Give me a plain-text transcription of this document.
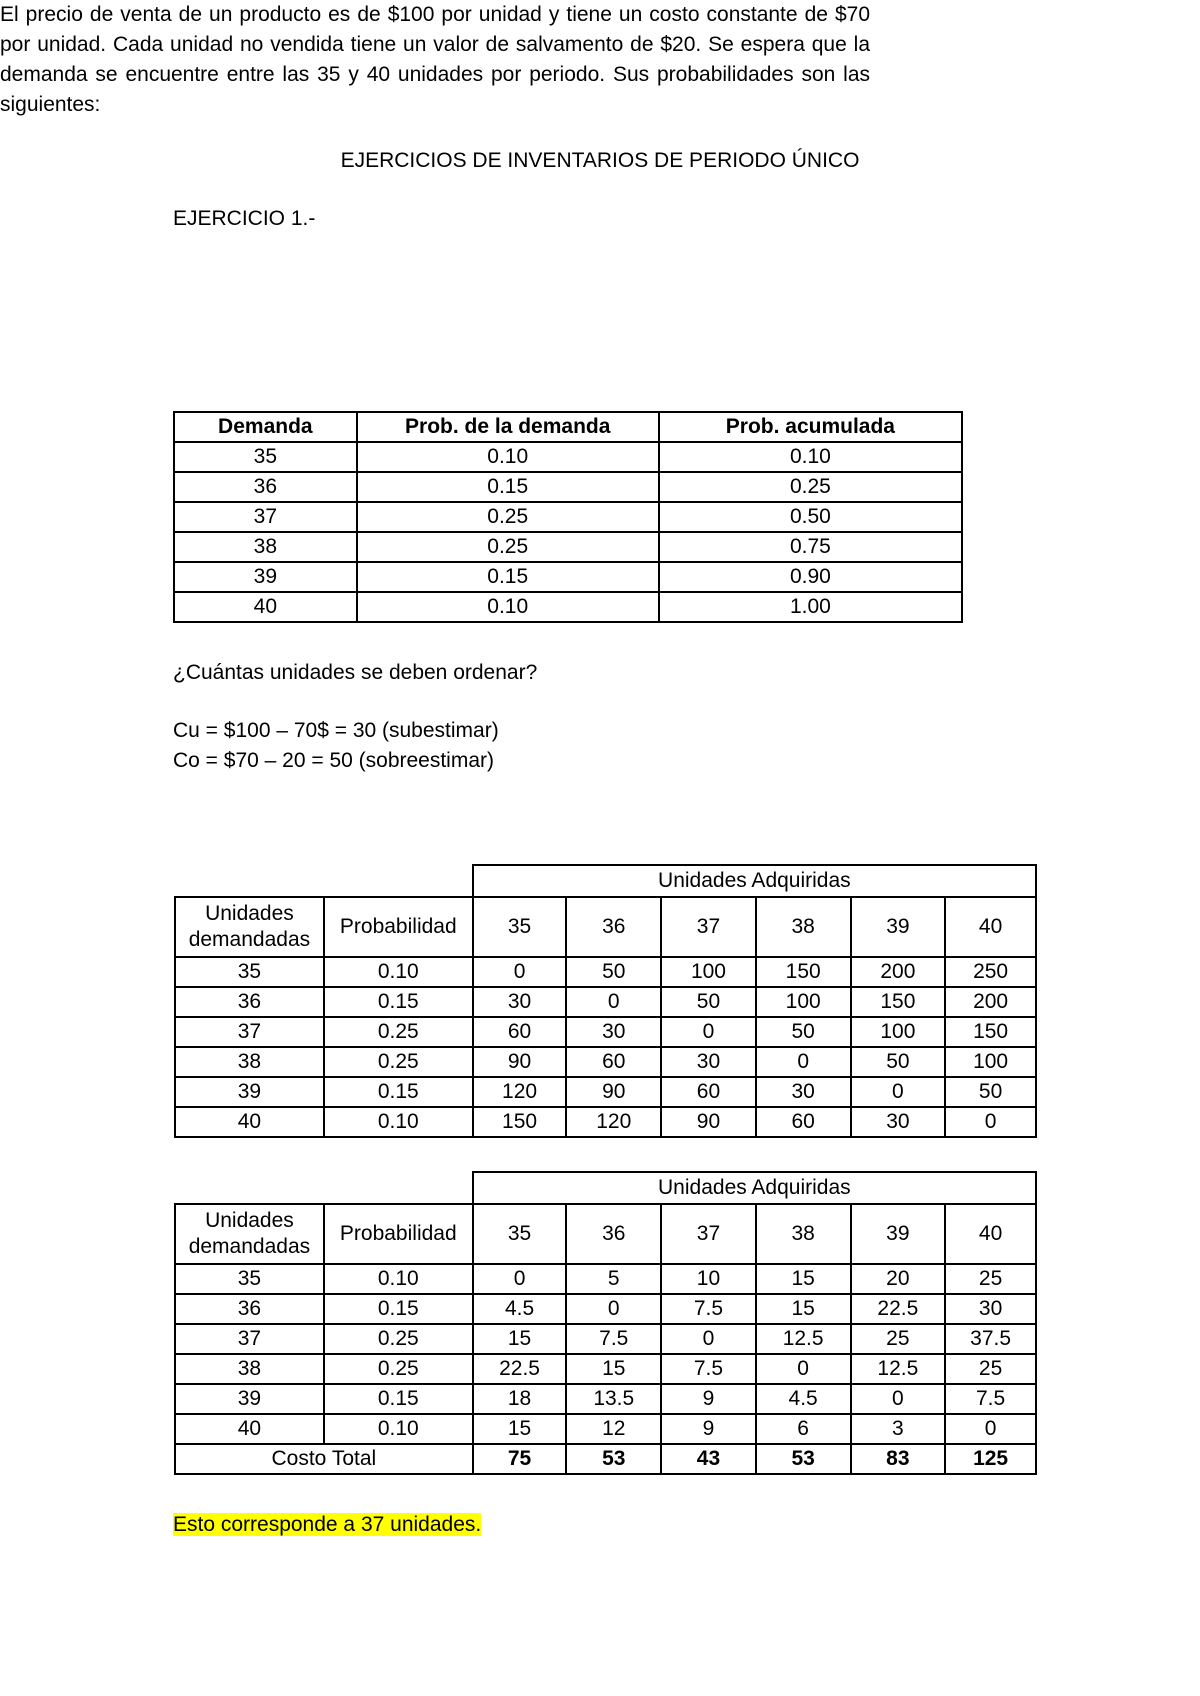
EJERCICIOS DE INVENTARIOS DE PERIODO ÚNICO
EJERCICIO 1.-
El precio de venta de un producto es de $100 por unidad y tiene un costo constante de $70 por unidad. Cada unidad no vendida tiene un valor de salvamento de $20. Se espera que la demanda se encuentre entre las 35 y 40 unidades por periodo. Sus probabilidades son las siguientes:
Demanda	Prob. de la demanda	Prob. acumulada
35	0.10	0.10
36	0.15	0.25
37	0.25	0.50
38	0.25	0.75
39	0.15	0.90
40	0.10	1.00
¿Cuántas unidades se deben ordenar?
Cu = $100 – 70$ = 30 (subestimar)
Co = $70 – 20 = 50 (sobreestimar)
		Unidades Adquiridas					
Unidades demandadas	Probabilidad	35	36	37	38	39	40
35	0.10	0	50	100	150	200	250
36	0.15	30	0	50	100	150	200
37	0.25	60	30	0	50	100	150
38	0.25	90	60	30	0	50	100
39	0.15	120	90	60	30	0	50
40	0.10	150	120	90	60	30	0
		Unidades Adquiridas					
Unidades demandadas	Probabilidad	35	36	37	38	39	40
35	0.10	0	5	10	15	20	25
36	0.15	4.5	0	7.5	15	22.5	30
37	0.25	15	7.5	0	12.5	25	37.5
38	0.25	22.5	15	7.5	0	12.5	25
39	0.15	18	13.5	9	4.5	0	7.5
40	0.10	15	12	9	6	3	0
Costo Total		75	53	43	53	83	125
Esto corresponde a 37 unidades.
